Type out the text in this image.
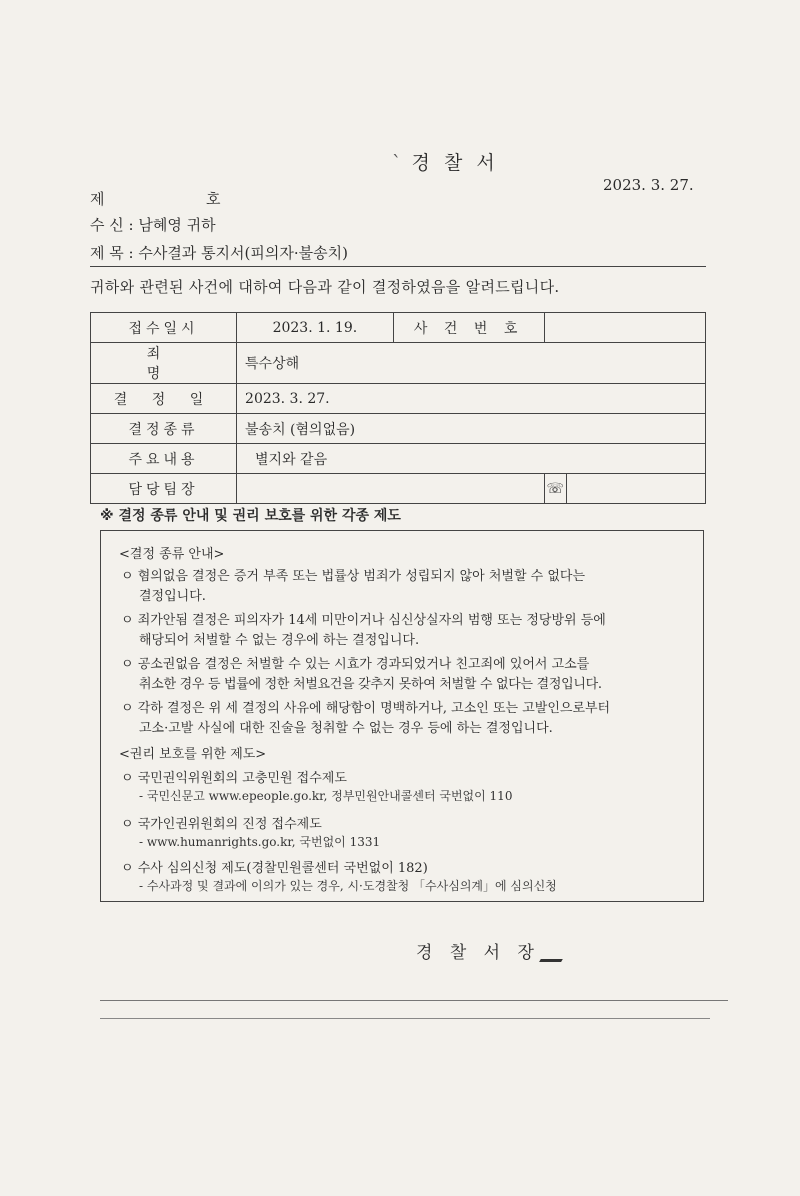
` 경 찰 서
2023. 3. 27.
제	호
수 신 : 남혜영 귀하
제 목 : 수사결과 통지서(피의자·불송치)
귀하와 관련된 사건에 대하여 다음과 같이 결정하였음을 알려드립니다.
접수일시	2023. 1. 19.	사 건 번 호		
죄 명	특수상해			
결 정 일	2023. 3. 27.			
결정종류	불송치 (혐의없음)			
주요내용	별지와 같음			
담당팀장			☏	
※ 결정 종류 안내 및 권리 보호를 위한 각종 제도
<결정 종류 안내>
ㅇ 혐의없음 결정은 증거 부족 또는 법률상 범죄가 성립되지 않아 처벌할 수 없다는
결정입니다.
ㅇ 죄가안됨 결정은 피의자가 14세 미만이거나 심신상실자의 범행 또는 정당방위 등에
해당되어 처벌할 수 없는 경우에 하는 결정입니다.
ㅇ 공소권없음 결정은 처벌할 수 있는 시효가 경과되었거나 친고죄에 있어서 고소를
취소한 경우 등 법률에 정한 처벌요건을 갖추지 못하여 처벌할 수 없다는 결정입니다.
ㅇ 각하 결정은 위 세 결정의 사유에 해당함이 명백하거나, 고소인 또는 고발인으로부터
고소·고발 사실에 대한 진술을 청취할 수 없는 경우 등에 하는 결정입니다.
<권리 보호를 위한 제도>
ㅇ 국민권익위원회의 고충민원 접수제도
- 국민신문고 www.epeople.go.kr, 정부민원안내콜센터 국번없이 110
ㅇ 국가인권위원회의 진정 접수제도
- www.humanrights.go.kr, 국번없이 1331
ㅇ 수사 심의신청 제도(경찰민원콜센터 국번없이 182)
- 수사과정 및 결과에 이의가 있는 경우, 시·도경찰청 「수사심의계」에 심의신청
경 찰 서 장
